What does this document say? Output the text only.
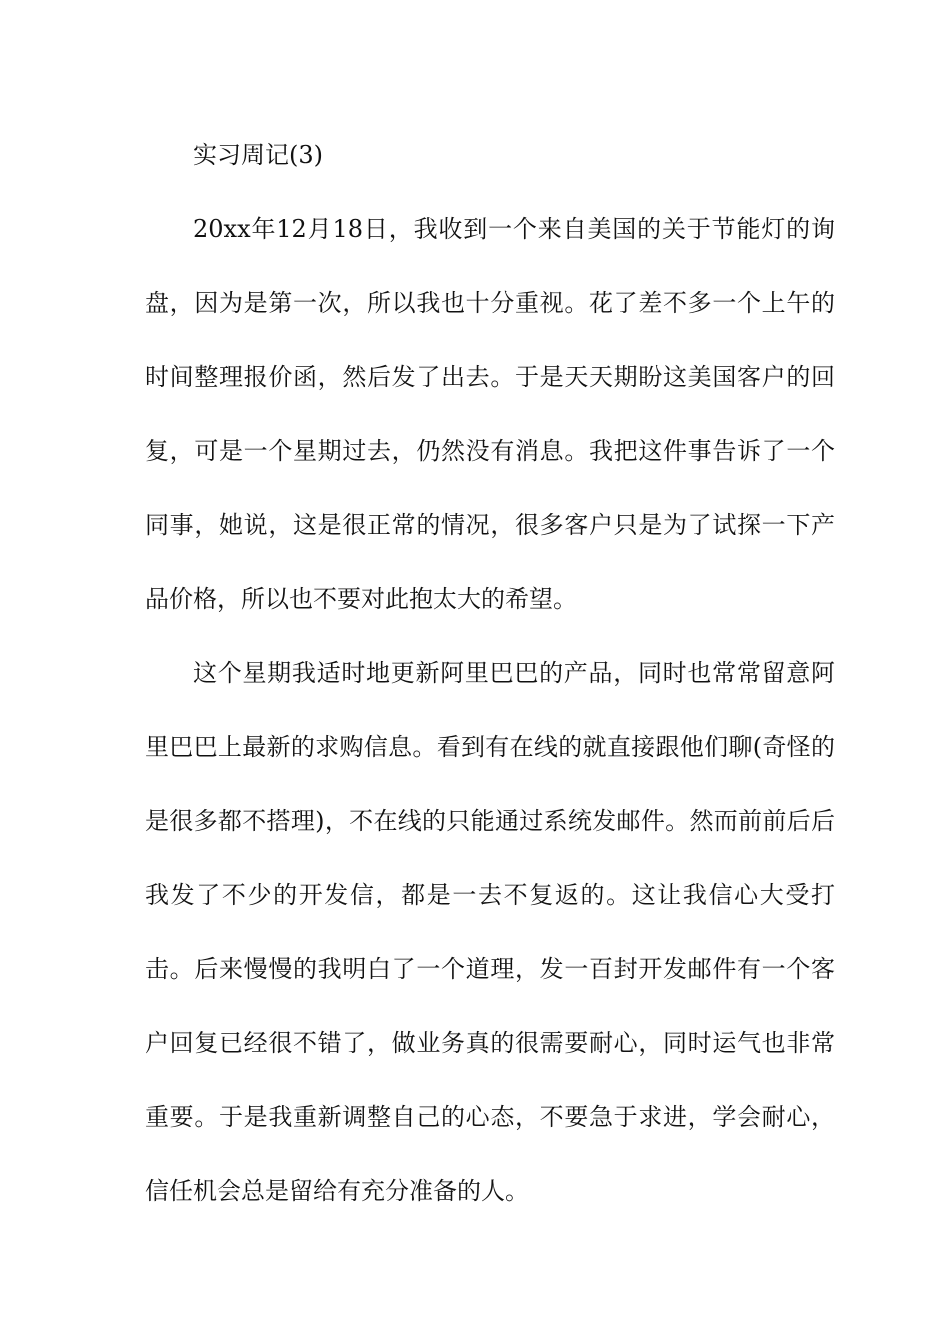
实习周记(3)

20xx年12月18日，我收到一个来自美国的关于节能灯的询盘，因为是第一次，所以我也十分重视。花了差不多一个上午的时间整理报价函，然后发了出去。于是天天期盼这美国客户的回复，可是一个星期过去，仍然没有消息。我把这件事告诉了一个同事，她说，这是很正常的情况，很多客户只是为了试探一下产品价格，所以也不要对此抱太大的希望。

这个星期我适时地更新阿里巴巴的产品，同时也常常留意阿里巴巴上最新的求购信息。看到有在线的就直接跟他们聊(奇怪的是很多都不搭理)，不在线的只能通过系统发邮件。然而前前后后我发了不少的开发信，都是一去不复返的。这让我信心大受打击。后来慢慢的我明白了一个道理，发一百封开发邮件有一个客户回复已经很不错了，做业务真的很需要耐心，同时运气也非常重要。于是我重新调整自己的心态，不要急于求进，学会耐心，信任机会总是留给有充分准备的人。
